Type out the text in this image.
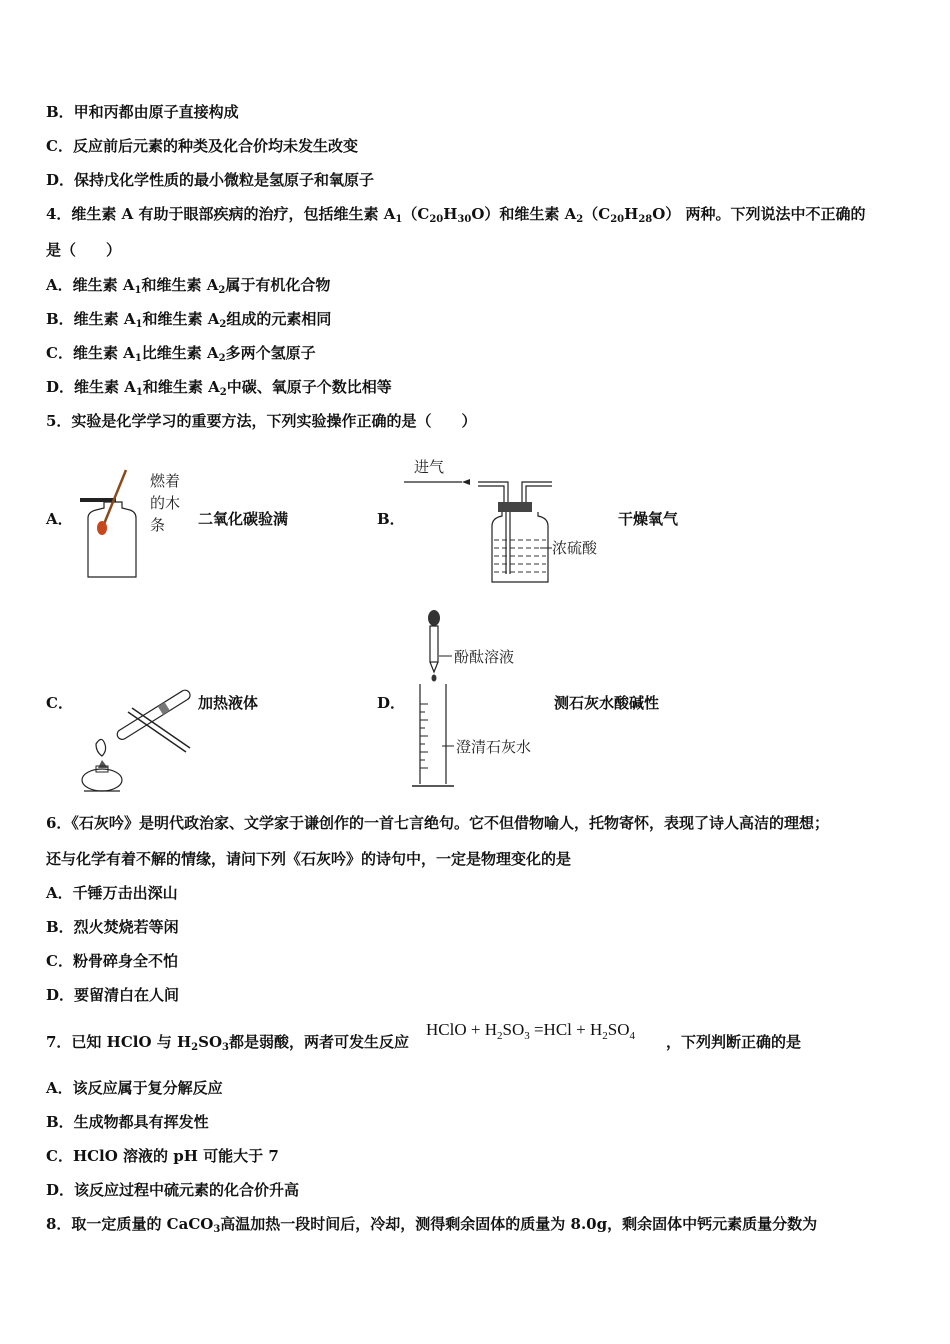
B．甲和丙都由原子直接构成
C．反应前后元素的种类及化合价均未发生改变
D．保持戊化学性质的最小微粒是氢原子和氧原子
4．维生素 A 有助于眼部疾病的治疗，包括维生素 $A_1(C_{20}H_{30}O)$和维生素 $A_2(C_{20}H_{28}O)$ 两种。下列说法中不正确的
是（　　）
A．维生素 $A_1$和维生素 $A_2$属于有机化合物
B．维生素 $A_1$和维生素 $A_2$组成的元素相同
C．维生素 $A_1$比维生素 $A_2$多两个氢原子
D．维生素 $A_1$和维生素 $A_2$中碳、氧原子个数比相等
5．实验是化学学习的重要方法，下列实验操作正确的是（　　）
A．
燃着
的木
条 二氧化碳验满	B．
进气
浓硫酸
干燥氧气
C．	加热液体	D．
酚酞溶液
澄清石灰水
测石灰水酸碱性
6．《石灰吟》是明代政治家、文学家于谦创作的一首七言绝句。它不但借物喻人，托物寄怀，表现了诗人高洁的理想；
还与化学有着不解的情缘，请问下列《石灰吟》的诗句中，一定是物理变化的是
A．千锤万击出深山
B．烈火焚烧若等闲
C．粉骨碎身全不怕
D．要留清白在人间
7．已知 HClO 与 $H_2SO_3$都是弱酸，两者可发生反应
HClO + $H_2SO_3 =HCl + H_2SO_4$ ，下列判断正确的是
A．该反应属于复分解反应
B．生成物都具有挥发性
C．HClO 溶液的 pH 可能大于 7
D．该反应过程中硫元素的化合价升高
8．取一定质量的 CaCO$_3$高温加热一段时间后，冷却，测得剩余固体的质量为 8.0g，剩余固体中钙元素质量分数为
